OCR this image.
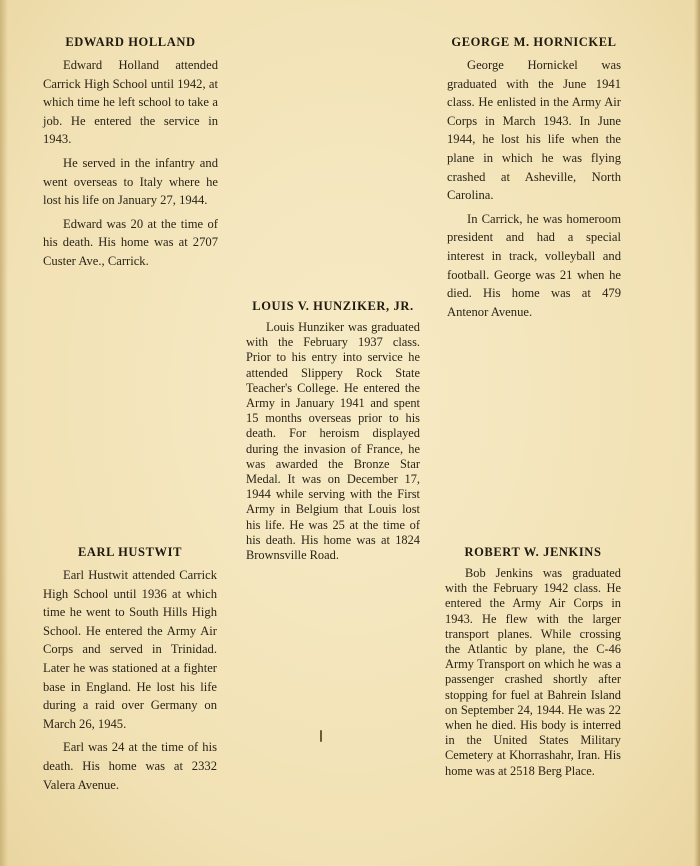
EDWARD HOLLAND

Edward Holland attended Carrick High School until 1942, at which time he left school to take a job. He entered the service in 1943.

He served in the infantry and went overseas to Italy where he lost his life on January 27, 1944.

Edward was 20 at the time of his death. His home was at 2707 Custer Ave., Carrick.

GEORGE M. HORNICKEL

George Hornickel was graduated with the June 1941 class. He enlisted in the Army Air Corps in March 1943. In June 1944, he lost his life when the plane in which he was flying crashed at Asheville, North Carolina.

In Carrick, he was homeroom president and had a special interest in track, volleyball and football. George was 21 when he died. His home was at 479 Antenor Avenue.

LOUIS V. HUNZIKER, JR.

Louis Hunziker was graduated with the February 1937 class. Prior to his entry into service he attended Slippery Rock State Teacher's College. He entered the Army in January 1941 and spent 15 months overseas prior to his death. For heroism displayed during the invasion of France, he was awarded the Bronze Star Medal. It was on December 17, 1944 while serving with the First Army in Belgium that Louis lost his life. He was 25 at the time of his death. His home was at 1824 Brownsville Road.

EARL HUSTWIT

Earl Hustwit attended Carrick High School until 1936 at which time he went to South Hills High School. He entered the Army Air Corps and served in Trinidad. Later he was stationed at a fighter base in England. He lost his life during a raid over Germany on March 26, 1945.

Earl was 24 at the time of his death. His home was at 2332 Valera Avenue.

ROBERT W. JENKINS

Bob Jenkins was graduated with the February 1942 class. He entered the Army Air Corps in 1943. He flew with the larger transport planes. While crossing the Atlantic by plane, the C-46 Army Transport on which he was a passenger crashed shortly after stopping for fuel at Bahrein Island on September 24, 1944. He was 22 when he died. His body is interred in the United States Military Cemetery at Khorrashahr, Iran. His home was at 2518 Berg Place.
